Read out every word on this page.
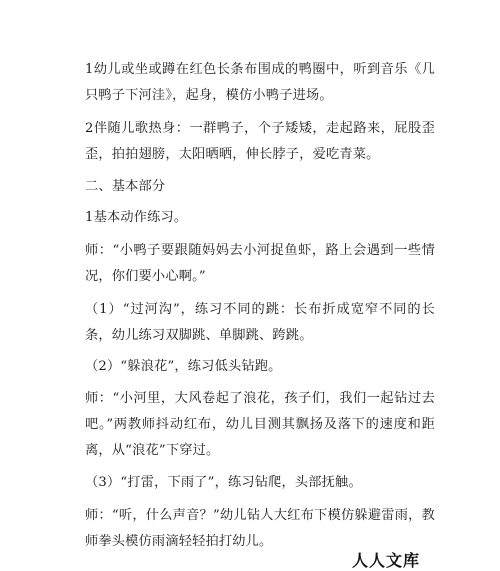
1幼儿或坐或蹲在红色长条布围成的鸭圈中，听到音乐《几只鸭子下河洼》，起身，模仿小鸭子进场。

2伴随儿歌热身：一群鸭子，个子矮矮，走起路来，屁股歪歪，拍拍翅膀，太阳晒晒，伸长脖子，爱吃青菜。

二、基本部分

1基本动作练习。

师：“小鸭子要跟随妈妈去小河捉鱼虾，路上会遇到一些情况，你们要小心啊。”

（1）“过河沟”，练习不同的跳：长布折成宽窄不同的长条，幼儿练习双脚跳、单脚跳、跨跳。

（2）“躲浪花”，练习低头钻跑。

师：“小河里，大风卷起了浪花，孩子们，我们一起钻过去吧。”两教师抖动红布，幼儿目测其飘扬及落下的速度和距离，从“浪花”下穿过。

（3）“打雷，下雨了”，练习钻爬，头部抚触。

师：“听，什么声音？”幼儿钻人大红布下模仿躲避雷雨，教师拳头模仿雨滴轻轻拍打幼儿。

人人文库
